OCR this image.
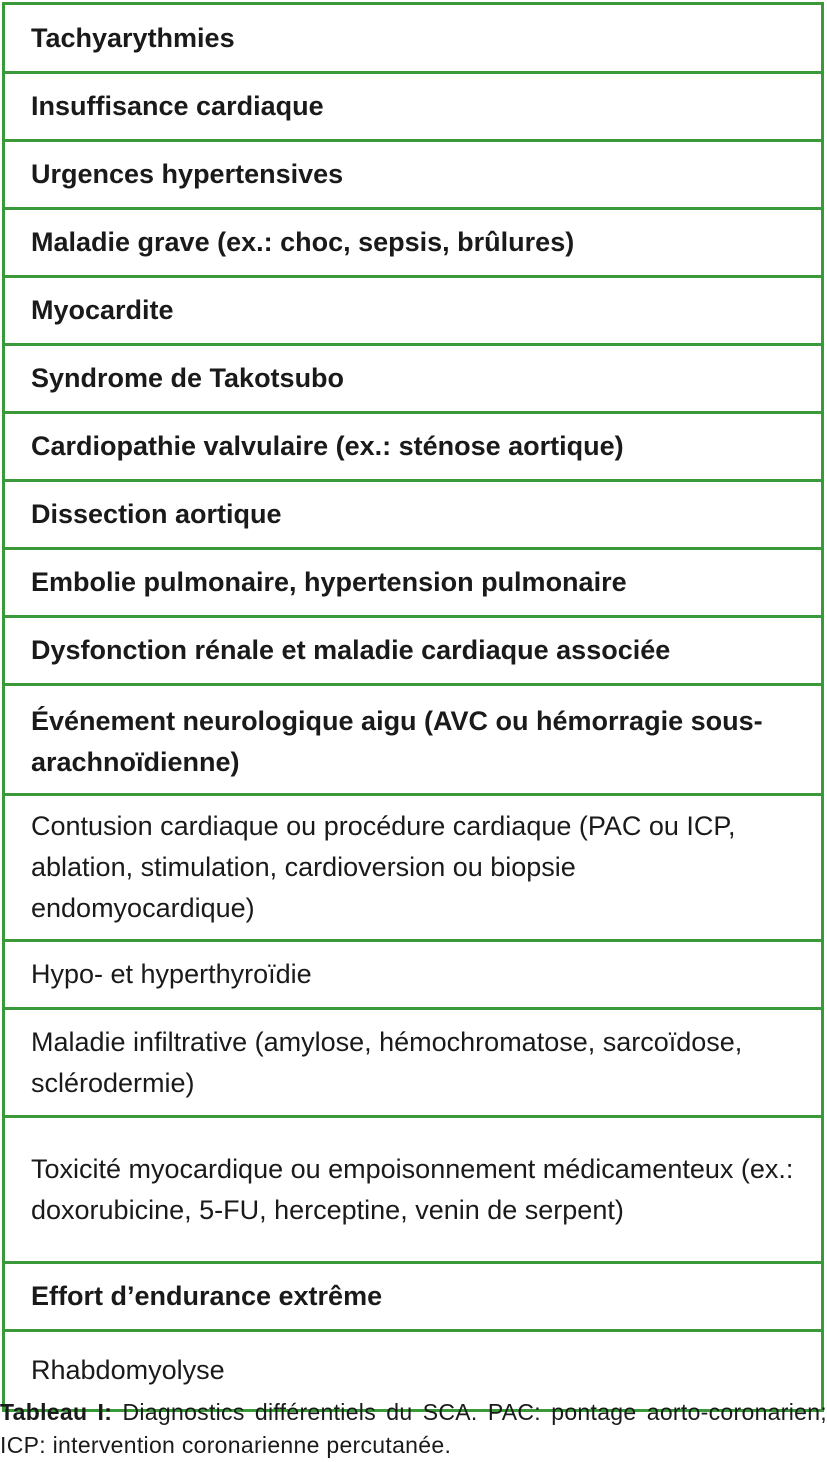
Tachyarythmies
Insuffisance cardiaque
Urgences hypertensives
Maladie grave (ex.: choc, sepsis, brûlures)
Myocardite
Syndrome de Takotsubo
Cardiopathie valvulaire (ex.: sténose aortique)
Dissection aortique
Embolie pulmonaire, hypertension pulmonaire
Dysfonction rénale et maladie cardiaque associée
Événement neurologique aigu (AVC ou hémorragie sous-arachnoïdienne)
Contusion cardiaque ou procédure cardiaque (PAC ou ICP, ablation, stimulation, cardioversion ou biopsie endomyocardique)
Hypo- et hyperthyroïdie
Maladie infiltrative (amylose, hémochromatose, sarcoïdose, sclérodermie)
Toxicité myocardique ou empoisonnement médicamenteux (ex.: doxorubicine, 5-FU, herceptine, venin de serpent)
Effort d’endurance extrême
Rhabdomyolyse
Tableau I: Diagnostics différentiels du SCA. PAC: pontage aorto-coronarien; ICP: intervention coronarienne percutanée.
